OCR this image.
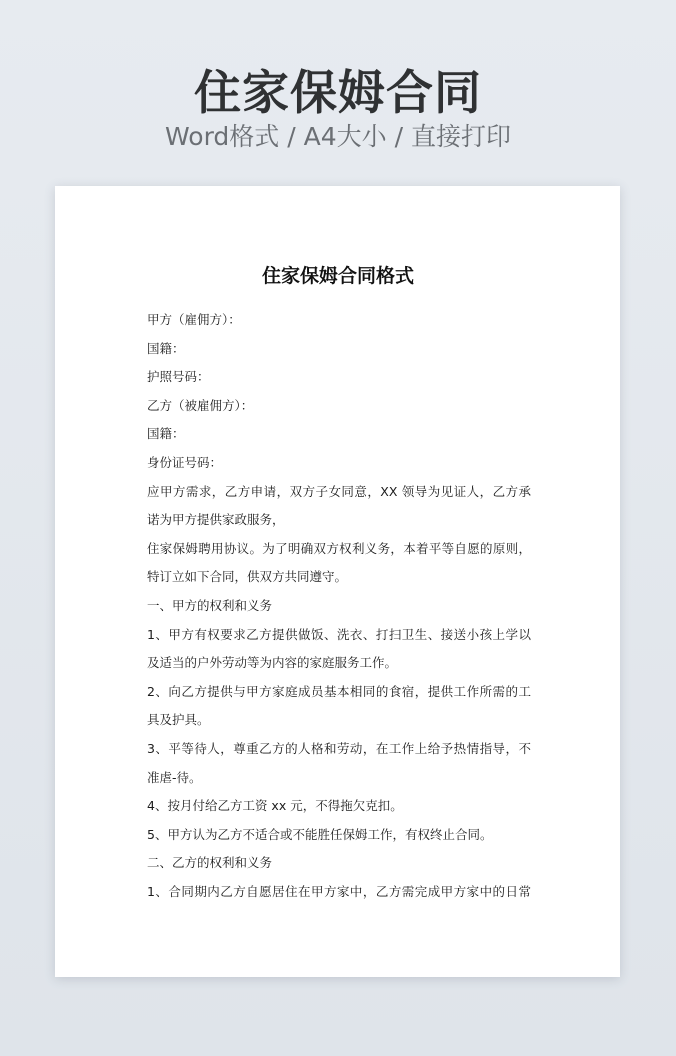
住家保姆合同
Word格式 / A4大小 / 直接打印
住家保姆合同格式
甲方（雇佣方）：
国籍：
护照号码：
乙方（被雇佣方）：
国籍：
身份证号码：
应甲方需求，乙方申请，双方子女同意，XX 领导为见证人，乙方承
诺为甲方提供家政服务，
住家保姆聘用协议。为了明确双方权利义务，本着平等自愿的原则，
特订立如下合同，供双方共同遵守。
一、甲方的权利和义务
1、甲方有权要求乙方提供做饭、洗衣、打扫卫生、接送小孩上学以
及适当的户外劳动等为内容的家庭服务工作。
2、向乙方提供与甲方家庭成员基本相同的食宿，提供工作所需的工
具及护具。
3、平等待人，尊重乙方的人格和劳动，在工作上给予热情指导，不
准虐-待。
4、按月付给乙方工资 xx 元，不得拖欠克扣。
5、甲方认为乙方不适合或不能胜任保姆工作，有权终止合同。
二、乙方的权利和义务
1、合同期内乙方自愿居住在甲方家中，乙方需完成甲方家中的日常
